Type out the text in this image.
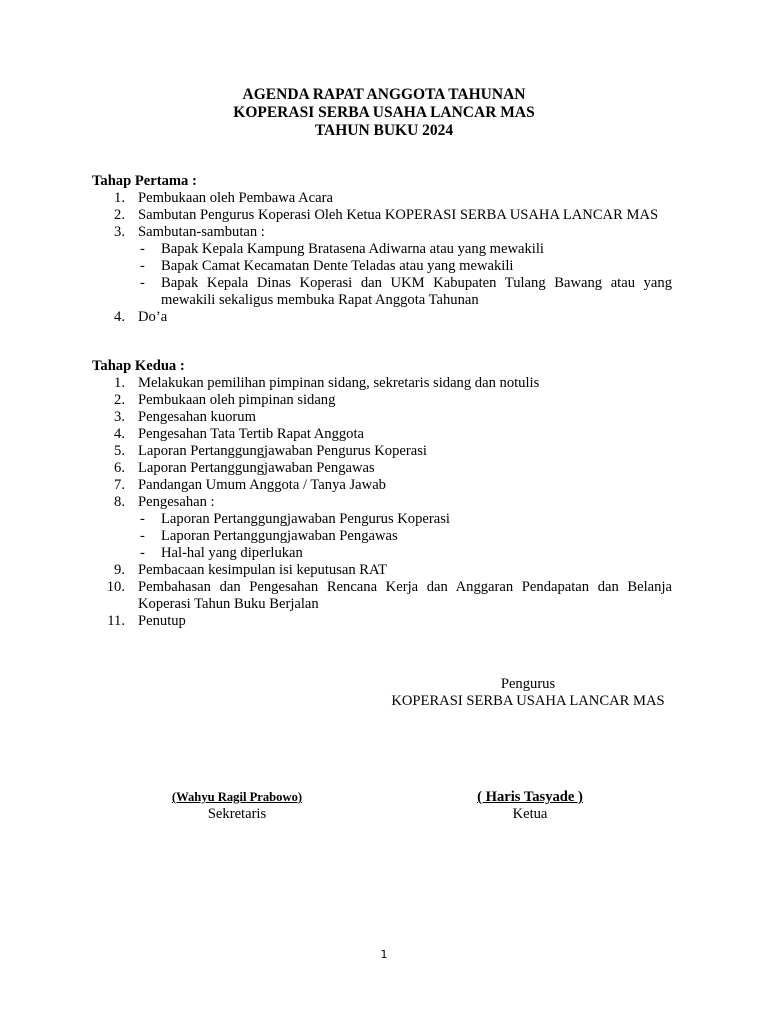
AGENDA RAPAT ANGGOTA TAHUNAN
KOPERASI SERBA USAHA LANCAR MAS
TAHUN BUKU 2024
Tahap Pertama :
1. Pembukaan oleh Pembawa Acara
2. Sambutan Pengurus Koperasi Oleh Ketua KOPERASI SERBA USAHA LANCAR MAS
3. Sambutan-sambutan :
- Bapak Kepala Kampung Bratasena Adiwarna atau yang mewakili
- Bapak Camat Kecamatan Dente Teladas atau yang mewakili
- Bapak Kepala Dinas Koperasi dan UKM Kabupaten Tulang Bawang atau yang mewakili sekaligus membuka Rapat Anggota Tahunan
4. Do’a
Tahap Kedua :
1. Melakukan pemilihan pimpinan sidang, sekretaris sidang dan notulis
2. Pembukaan oleh pimpinan sidang
3. Pengesahan kuorum
4. Pengesahan Tata Tertib Rapat Anggota
5. Laporan Pertanggungjawaban Pengurus Koperasi
6. Laporan Pertanggungjawaban Pengawas
7. Pandangan Umum Anggota / Tanya Jawab
8. Pengesahan :
- Laporan Pertanggungjawaban Pengurus Koperasi
- Laporan Pertanggungjawaban Pengawas
- Hal-hal yang diperlukan
9. Pembacaan kesimpulan isi keputusan RAT
10. Pembahasan dan Pengesahan Rencana Kerja dan Anggaran Pendapatan dan Belanja Koperasi Tahun Buku Berjalan
11. Penutup
Pengurus
KOPERASI SERBA USAHA LANCAR MAS
(Wahyu Ragil Prabowo)
Sekretaris
( Haris Tasyade )
Ketua
1
